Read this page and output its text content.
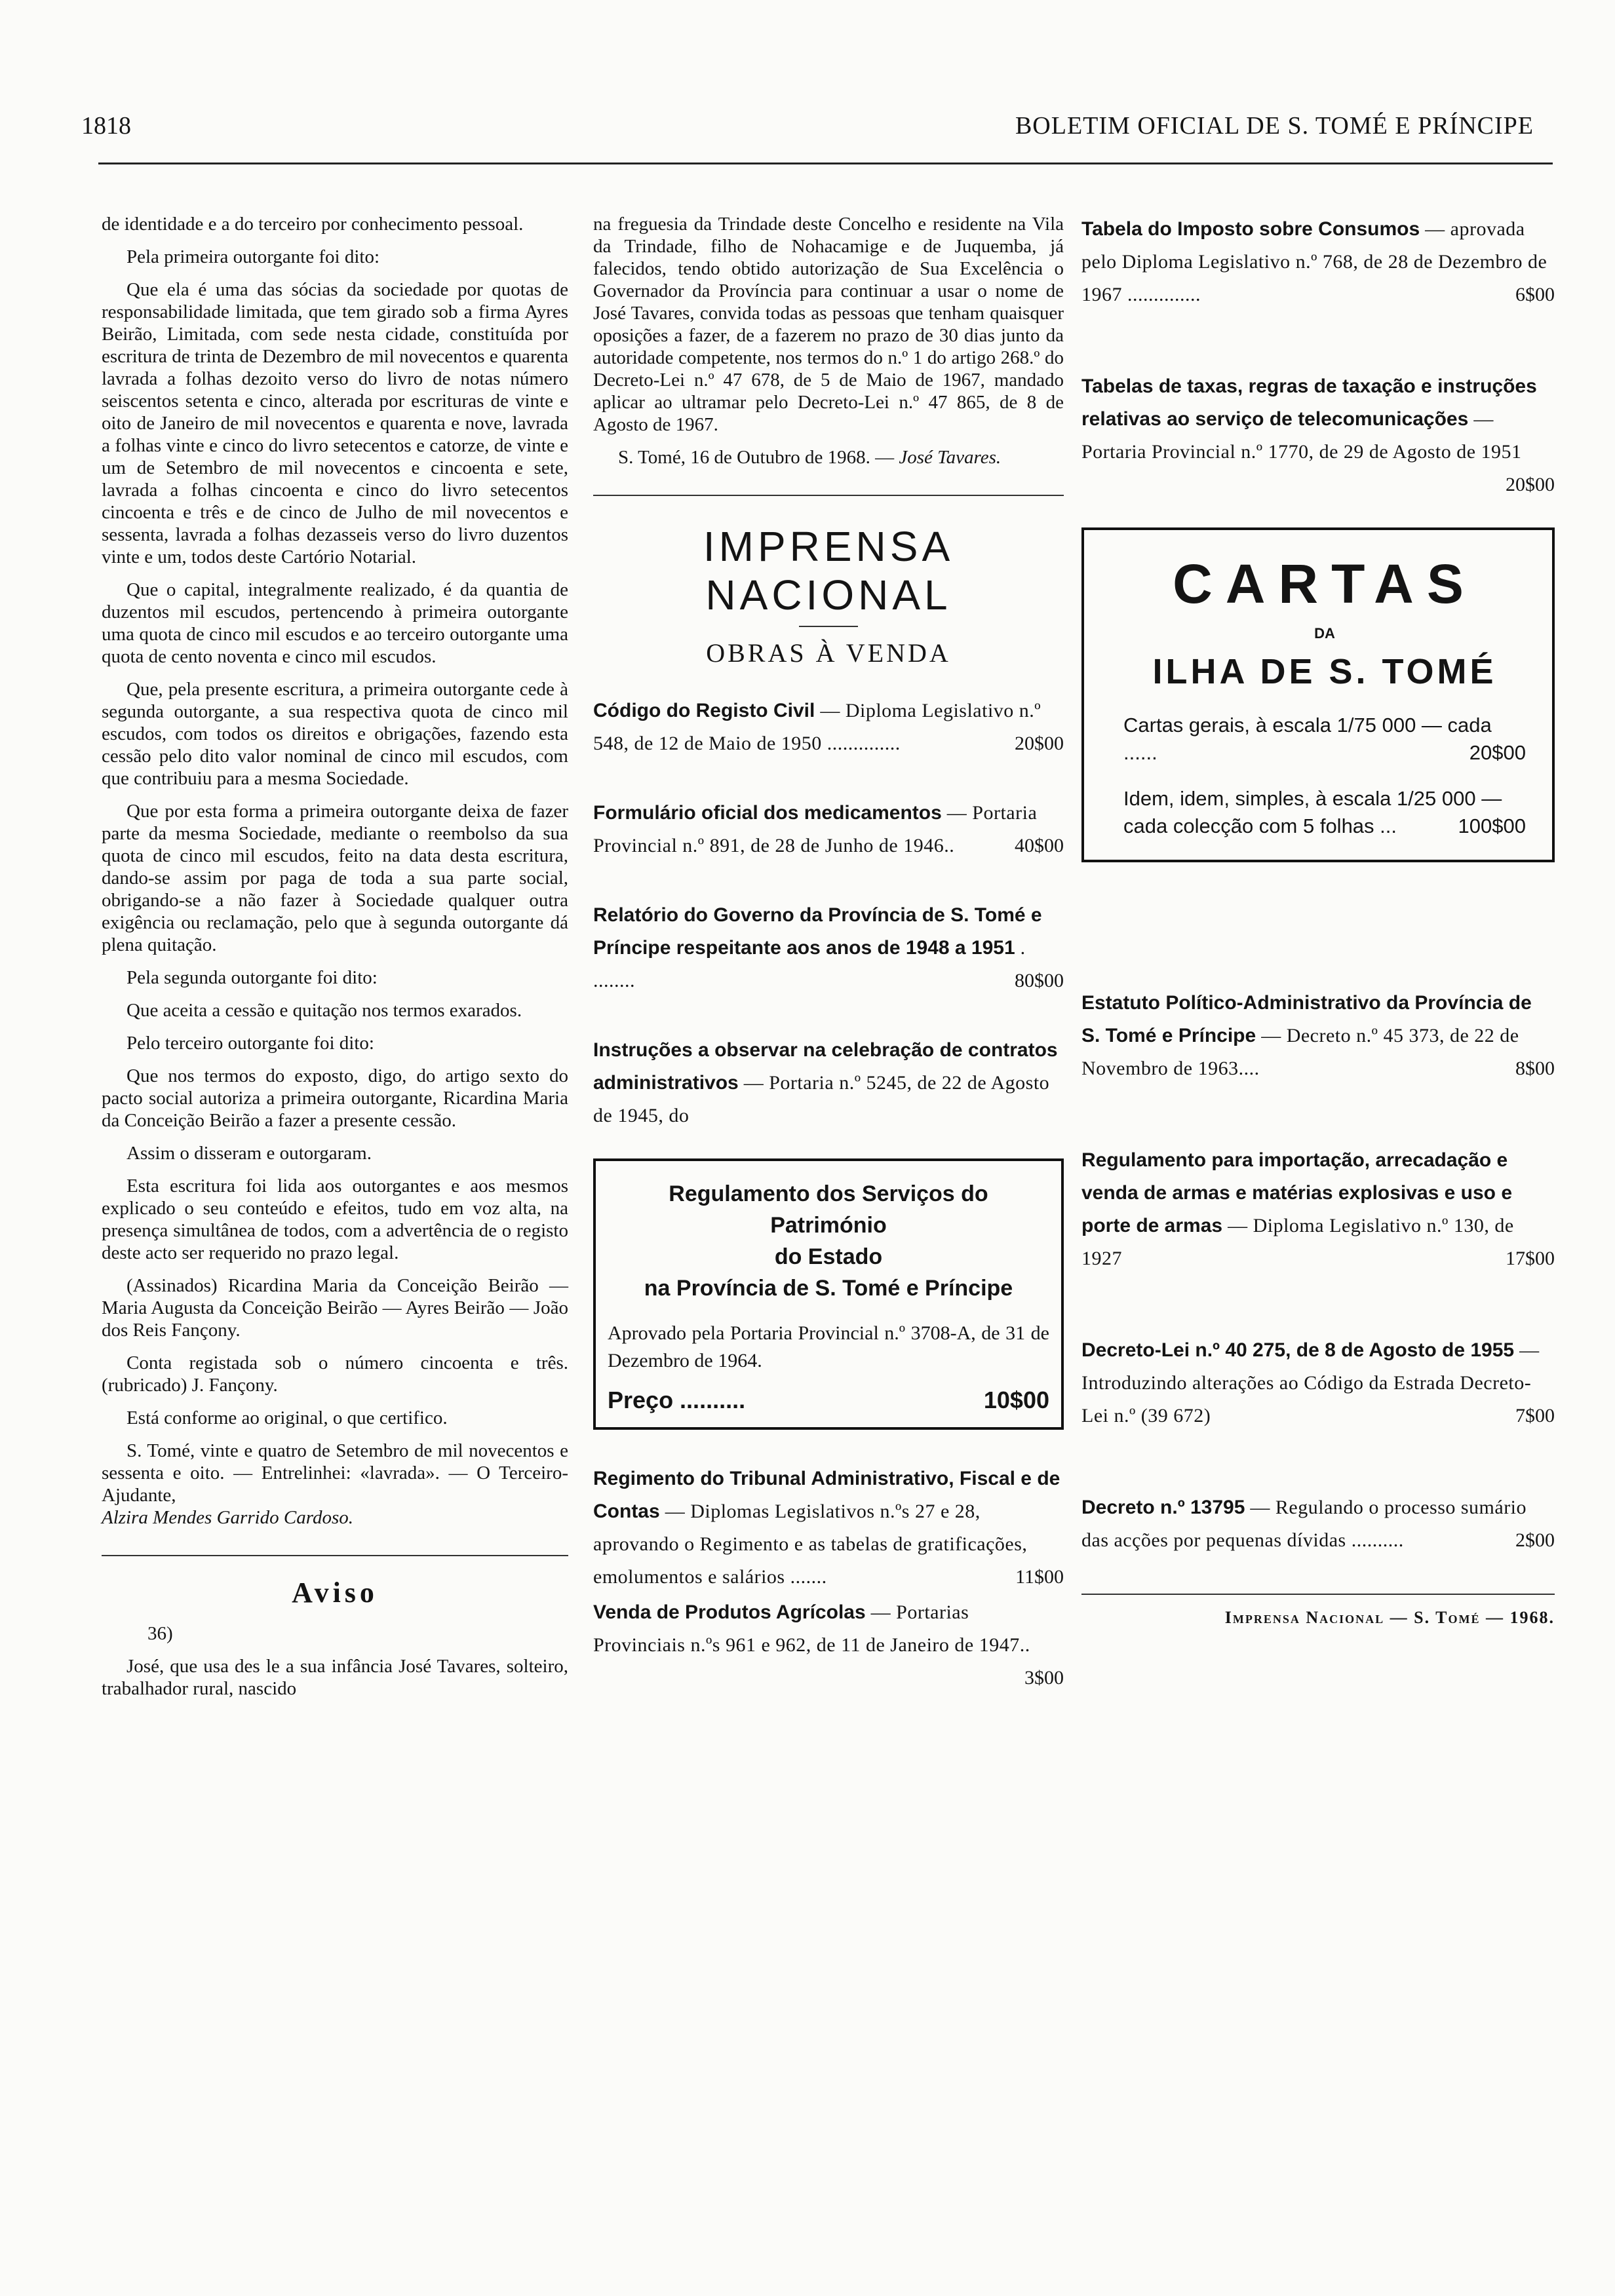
1818	BOLETIM OFICIAL DE S. TOMÉ E PRÍNCIPE

de identidade e a do terceiro por conhecimento pessoal.

Pela primeira outorgante foi dito:

Que ela é uma das sócias da sociedade por quotas de responsabilidade limitada, que tem girado sob a firma Ayres Beirão, Limitada, com sede nesta cidade, constituída por escritura de trinta de Dezembro de mil novecentos e quarenta lavrada a folhas dezoito verso do livro de notas número seiscentos setenta e cinco, alterada por escrituras de vinte e oito de Janeiro de mil novecentos e quarenta e nove, lavrada a folhas vinte e cinco do livro setecentos e catorze, de vinte e um de Setembro de mil novecentos e cincoenta e sete, lavrada a folhas cincoenta e cinco do livro setecentos cincoenta e três e de cinco de Julho de mil novecentos e sessenta, lavrada a folhas dezasseis verso do livro duzentos vinte e um, todos deste Cartório Notarial.

Que o capital, integralmente realizado, é da quantia de duzentos mil escudos, pertencendo à primeira outorgante uma quota de cinco mil escudos e ao terceiro outorgante uma quota de cento noventa e cinco mil escudos.

Que, pela presente escritura, a primeira outorgante cede à segunda outorgante, a sua respectiva quota de cinco mil escudos, com todos os direitos e obrigações, fazendo esta cessão pelo dito valor nominal de cinco mil escudos, com que contribuiu para a mesma Sociedade.

Que por esta forma a primeira outorgante deixa de fazer parte da mesma Sociedade, mediante o reembolso da sua quota de cinco mil escudos, feito na data desta escritura, dando-se assim por paga de toda a sua parte social, obrigando-se a não fazer à Sociedade qualquer outra exigência ou reclamação, pelo que à segunda outorgante dá plena quitação.

Pela segunda outorgante foi dito:

Que aceita a cessão e quitação nos termos exarados.

Pelo terceiro outorgante foi dito:

Que nos termos do exposto, digo, do artigo sexto do pacto social autoriza a primeira outorgante, Ricardina Maria da Conceição Beirão a fazer a presente cessão.

Assim o disseram e outorgaram.

Esta escritura foi lida aos outorgantes e aos mesmos explicado o seu conteúdo e efeitos, tudo em voz alta, na presença simultânea de todos, com a advertência de o registo deste acto ser requerido no prazo legal.

(Assinados) Ricardina Maria da Conceição Beirão — Maria Augusta da Conceição Beirão — Ayres Beirão — João dos Reis Fançony.

Conta registada sob o número cincoenta e três. (rubricado) J. Fançony.

Está conforme ao original, o que certifico.

S. Tomé, vinte e quatro de Setembro de mil novecentos e sessenta e oito. — Entrelinhei: «lavrada». — O Terceiro-Ajudante,

Alzira Mendes Garrido Cardoso.

Aviso

36)

José, que usa des le a sua infância José Tavares, solteiro, trabalhador rural, nascido

na freguesia da Trindade deste Concelho e residente na Vila da Trindade, filho de Nohacamige e de Juquemba, já falecidos, tendo obtido autorização de Sua Excelência o Governador da Província para continuar a usar o nome de José Tavares, convida todas as pessoas que tenham quaisquer oposições a fazer, de a fazerem no prazo de 30 dias junto da autoridade competente, nos termos do n.º 1 do artigo 268.º do Decreto-Lei n.º 47 678, de 5 de Maio de 1967, mandado aplicar ao ultramar pelo Decreto-Lei n.º 47 865, de 8 de Agosto de 1967.

S. Tomé, 16 de Outubro de 1968. — José Tavares.

IMPRENSA NACIONAL
OBRAS À VENDA
Código do Registo Civil — Diploma Legislativo n.º 548, de 12 de Maio de 1950 ..............	20$00
Formulário oficial dos medicamentos — Portaria Provincial n.º 891, de 28 de Junho de 1946..	40$00
Relatório do Governo da Província de S. Tomé e Príncipe respeitante aos anos de 1948 a 1951 . ........	80$00
Instruções a observar na celebração de contratos administrativos — Portaria n.º 5245, de 22 de Agosto de 1945, do
Regulamento dos Serviços do Património
do Estado
na Província de S. Tomé e Príncipe
Aprovado pela Portaria Provincial n.º 3708-A, de 31 de Dezembro de 1964.
Preço ..........	10$00
Regimento do Tribunal Administrativo, Fiscal e de Contas — Diplomas Legislativos n.ºs 27 e 28, aprovando o Regimento e as tabelas de gratificações, emolumentos e salários .......	11$00
Venda de Produtos Agrícolas — Portarias Provinciais n.ºs 961 e 962, de 11 de Janeiro de 1947..
3$00
Tabela do Imposto sobre Consumos — aprovada pelo Diploma Legislativo n.º 768, de 28 de Dezembro de 1967 ..............	6$00
Tabelas de taxas, regras de taxação e instruções relativas ao serviço de telecomunicações — Portaria Provincial n.º 1770, de 29 de Agosto de 1951
20$00
CARTAS
DA
ILHA DE S. TOMÉ
Cartas gerais, à escala 1/75 000 — cada ......	20$00
Idem, idem, simples, à escala 1/25 000 — cada colecção com 5 folhas ...	100$00
Estatuto Político-Administrativo da Província de S. Tomé e Príncipe — Decreto n.º 45 373, de 22 de Novembro de 1963....	8$00
Regulamento para importação, arrecadação e venda de armas e matérias explosivas e uso e porte de armas — Diploma Legislativo n.º 130, de 1927	17$00
Decreto-Lei n.º 40 275, de 8 de Agosto de 1955 — Introduzindo alterações ao Código da Estrada Decreto-Lei n.º (39 672)	7$00
Decreto n.º 13795 — Regulando o processo sumário das acções por pequenas dívidas ..........	2$00
Imprensa Nacional — S. Tomé — 1968.
